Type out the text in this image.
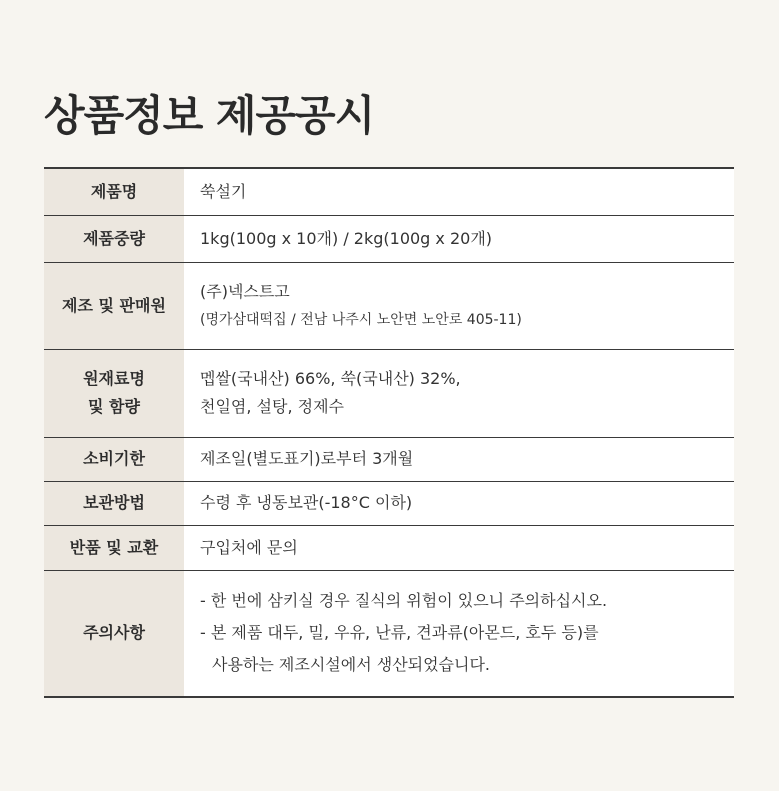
상품정보 제공공시
제품명	쑥설기

제품중량	1kg(100g x 10개) / 2kg(100g x 20개)

제조 및 판매원	(주)넥스트고
(명가삼대떡집 / 전남 나주시 노안면 노안로 405-11)

원재료명
및 함량	멥쌀(국내산) 66%, 쑥(국내산) 32%,
천일염, 설탕, 정제수

소비기한	제조일(별도표기)로부터 3개월

보관방법	수령 후 냉동보관(-18°C 이하)

반품 및 교환	구입처에 문의

주의사항	- 한 번에 삼키실 경우 질식의 위험이 있으니 주의하십시오.
- 본 제품 대두, 밀, 우유, 난류, 견과류(아몬드, 호두 등)를
사용하는 제조시설에서 생산되었습니다.
